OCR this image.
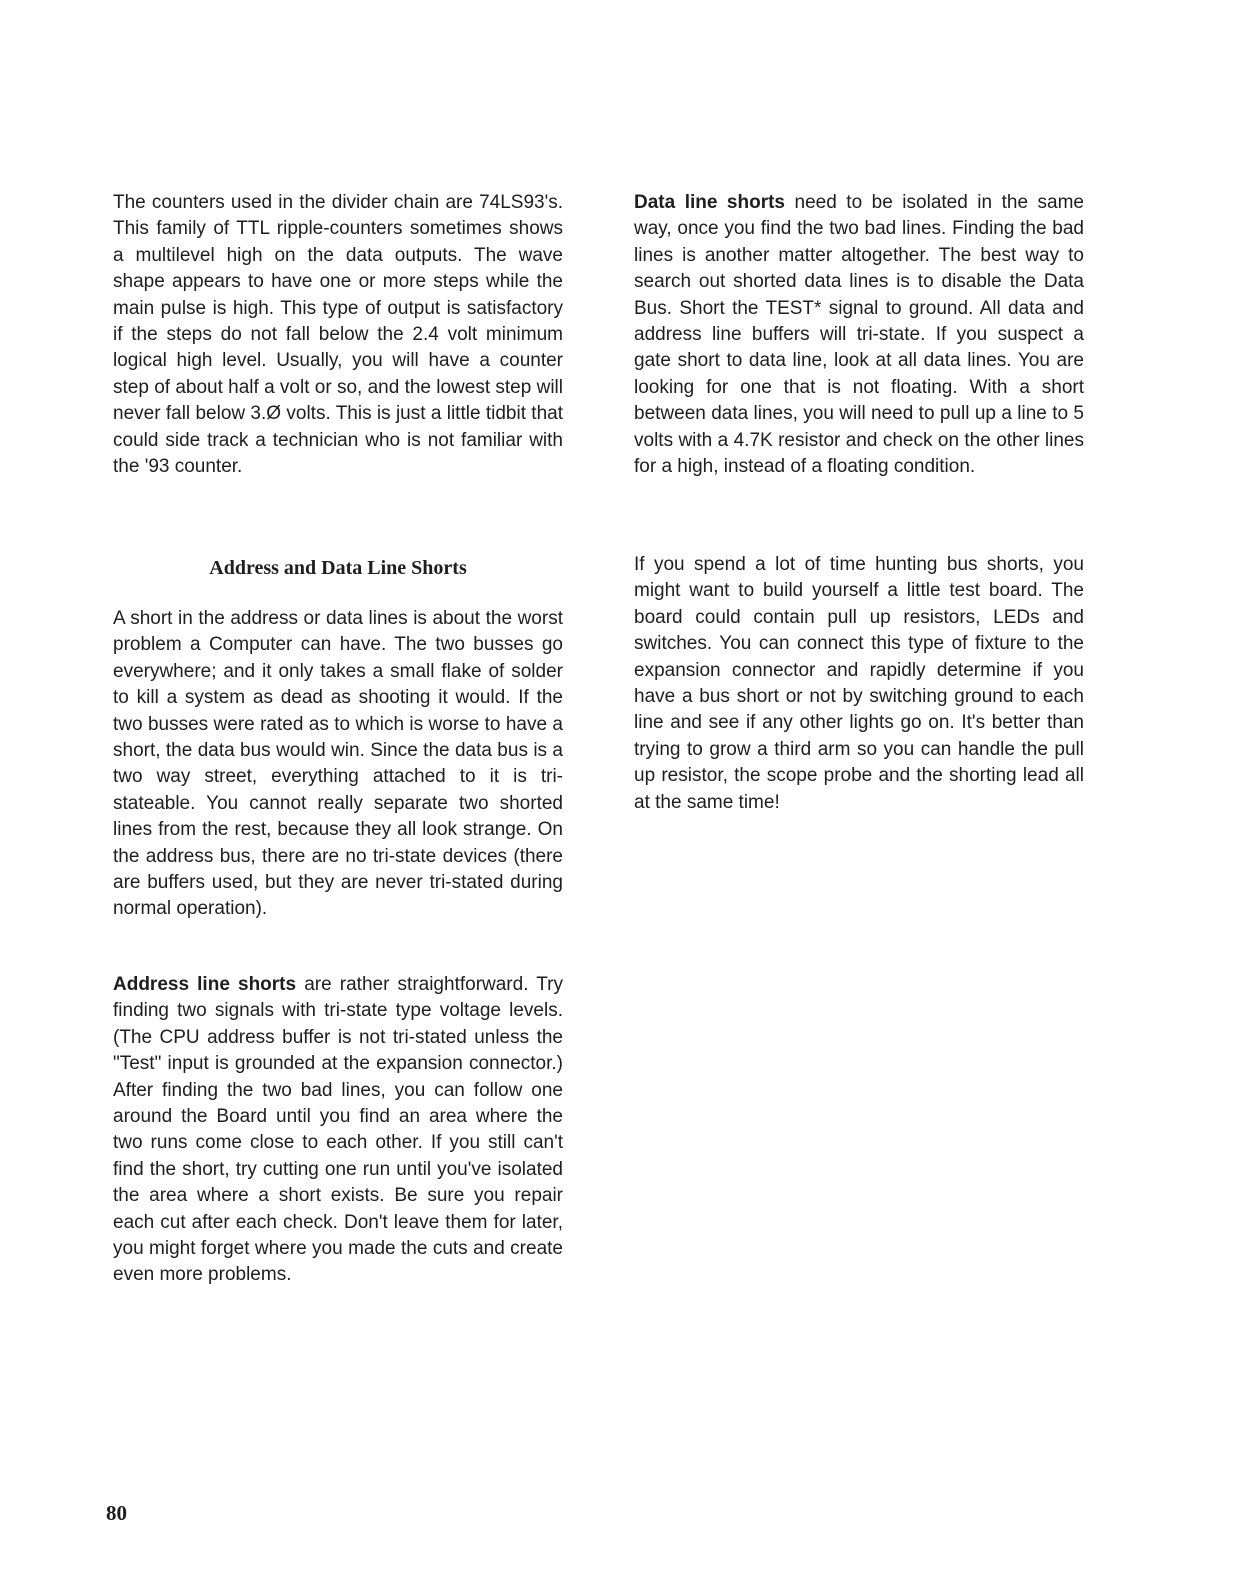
The counters used in the divider chain are 74LS93's. This family of TTL ripple-counters sometimes shows a multilevel high on the data outputs. The wave shape appears to have one or more steps while the main pulse is high. This type of output is satisfactory if the steps do not fall below the 2.4 volt minimum logical high level. Usually, you will have a counter step of about half a volt or so, and the lowest step will never fall below 3.Ø volts. This is just a little tidbit that could side track a technician who is not familiar with the '93 counter.

Address and Data Line Shorts

A short in the address or data lines is about the worst problem a Computer can have. The two busses go everywhere; and it only takes a small flake of solder to kill a system as dead as shooting it would. If the two busses were rated as to which is worse to have a short, the data bus would win. Since the data bus is a two way street, everything attached to it is tri-stateable. You cannot really separate two shorted lines from the rest, because they all look strange. On the address bus, there are no tri-state devices (there are buffers used, but they are never tri-stated during normal operation).

Address line shorts are rather straightforward. Try finding two signals with tri-state type voltage levels. (The CPU address buffer is not tri-stated unless the "Test" input is grounded at the expansion connector.) After finding the two bad lines, you can follow one around the Board until you find an area where the two runs come close to each other. If you still can't find the short, try cutting one run until you've isolated the area where a short exists. Be sure you repair each cut after each check. Don't leave them for later, you might forget where you made the cuts and create even more problems.

Data line shorts need to be isolated in the same way, once you find the two bad lines. Finding the bad lines is another matter altogether. The best way to search out shorted data lines is to disable the Data Bus. Short the TEST* signal to ground. All data and address line buffers will tri-state. If you suspect a gate short to data line, look at all data lines. You are looking for one that is not floating. With a short between data lines, you will need to pull up a line to 5 volts with a 4.7K resistor and check on the other lines for a high, instead of a floating condition.

If you spend a lot of time hunting bus shorts, you might want to build yourself a little test board. The board could contain pull up resistors, LEDs and switches. You can connect this type of fixture to the expansion connector and rapidly determine if you have a bus short or not by switching ground to each line and see if any other lights go on. It's better than trying to grow a third arm so you can handle the pull up resistor, the scope probe and the shorting lead all at the same time!

80
